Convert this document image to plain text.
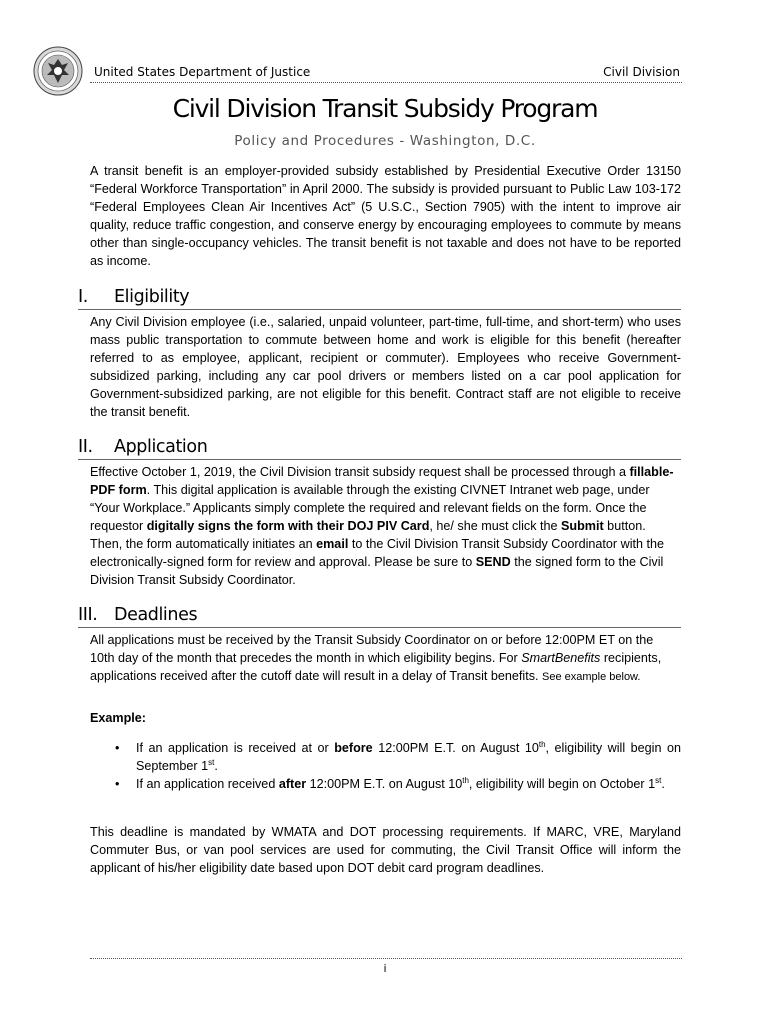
United States Department of Justice	Civil Division
Civil Division Transit Subsidy Program
Policy and Procedures - Washington, D.C.

A transit benefit is an employer-provided subsidy established by Presidential Executive Order 13150 “Federal Workforce Transportation” in April 2000. The subsidy is provided pursuant to Public Law 103-172 “Federal Employees Clean Air Incentives Act” (5 U.S.C., Section 7905) with the intent to improve air quality, reduce traffic congestion, and conserve energy by encouraging employees to commute by means other than single-occupancy vehicles. The transit benefit is not taxable and does not have to be reported as income.

I. Eligibility

Any Civil Division employee (i.e., salaried, unpaid volunteer, part-time, full-time, and short-term) who uses mass public transportation to commute between home and work is eligible for this benefit (hereafter referred to as employee, applicant, recipient or commuter). Employees who receive Government-subsidized parking, including any car pool drivers or members listed on a car pool application for Government-subsidized parking, are not eligible for this benefit. Contract staff are not eligible to receive the transit benefit.

II. Application

Effective October 1, 2019, the Civil Division transit subsidy request shall be processed through a fillable-PDF form. This digital application is available through the existing CIVNET Intranet web page, under “Your Workplace.” Applicants simply complete the required and relevant fields on the form. Once the requestor digitally signs the form with their DOJ PIV Card, he/ she must click the Submit button. Then, the form automatically initiates an email to the Civil Division Transit Subsidy Coordinator with the electronically-signed form for review and approval. Please be sure to SEND the signed form to the Civil Division Transit Subsidy Coordinator.

III. Deadlines

All applications must be received by the Transit Subsidy Coordinator on or before 12:00PM ET on the 10th day of the month that precedes the month in which eligibility begins. For SmartBenefits recipients, applications received after the cutoff date will result in a delay of Transit benefits. See example below.

Example:
• If an application is received at or before 12:00PM E.T. on August 10th, eligibility will begin on September 1st.
• If an application received after 12:00PM E.T. on August 10th, eligibility will begin on October 1st.

This deadline is mandated by WMATA and DOT processing requirements. If MARC, VRE, Maryland Commuter Bus, or van pool services are used for commuting, the Civil Transit Office will inform the applicant of his/her eligibility date based upon DOT debit card program deadlines.

i
